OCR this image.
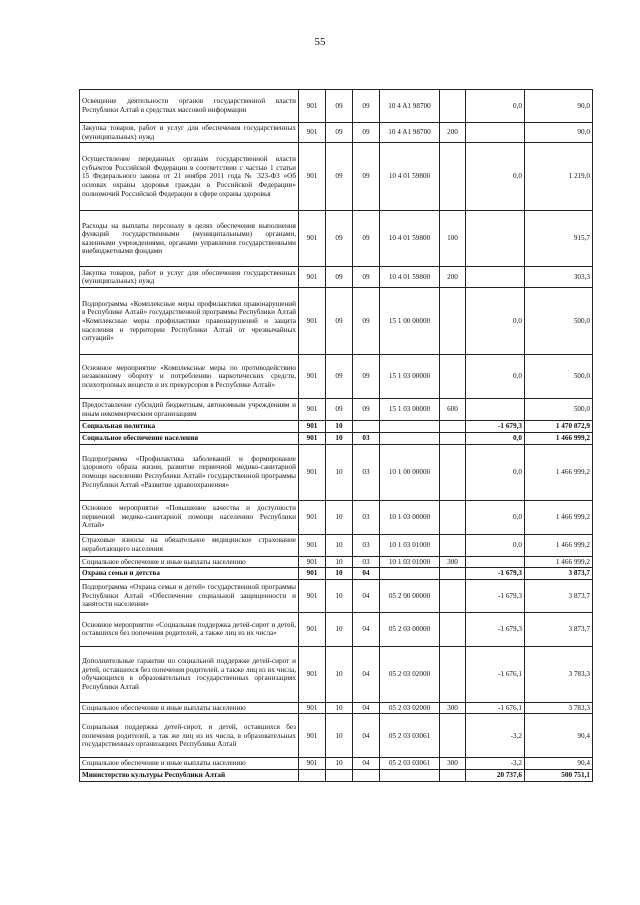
55
Освещение деятельности органов государственной власти Республики Алтай в средствах массовой информации	901	09	09	10 4 A1 98700		0,0	90,0
Закупка товаров, работ и услуг для обеспечения государственных (муниципальных) нужд	901	09	09	10 4 A1 98700	200		90,0
Осуществление переданных органам государственной власти субъектов Российской Федерации в соответствии с частью 1 статьи 15 Федерального закона от 21 ноября 2011 года № 323-ФЗ «Об основах охраны здоровья граждан в Российской Федерации» полномочий Российской Федерации в сфере охраны здоровья	901	09	09	10 4 01 59800		0,0	1 219,0
Расходы на выплаты персоналу в целях обеспечения выполнения функций государственными (муниципальными) органами, казенными учреждениями, органами управления государственными внебюджетными фондами	901	09	09	10 4 01 59800	100		915,7
Закупка товаров, работ и услуг для обеспечения государственных (муниципальных) нужд	901	09	09	10 4 01 59800	200		303,3
Подпрограмма «Комплексные меры профилактики правонарушений в Республике Алтай» государственной программы Республики Алтай «Комплексные меры профилактики правонарушений и защита населения и территории Республики Алтай от чрезвычайных ситуаций»	901	09	09	15 1 00 00000		0,0	500,0
Основное мероприятие «Комплексные меры по противодействию незаконному обороту и потреблению наркотических средств, психотропных веществ и их прекурсоров в Республике Алтай»	901	09	09	15 1 03 00000		0,0	500,0
Предоставление субсидий бюджетным, автономным учреждениям и иным некоммерческим организациям	901	09	09	15 1 03 00000	600		500,0
Социальная политика	901	10				-1 679,3	1 470 872,9
Социальное обеспечение населения	901	10	03			0,0	1 466 999,2
Подпрограмма «Профилактика заболеваний и формирование здорового образа жизни, развитие первичной медико-санитарной помощи населению Республики Алтай» государственной программы Республики Алтай «Развитие здравоохранения»	901	10	03	10 1 00 00000		0,0	1 466 999,2
Основное мероприятие «Повышение качества и доступности первичной медико-санитарной помощи населению Республики Алтай»	901	10	03	10 1 03 00000		0,0	1 466 999,2
Страховые взносы на обязательное медицинское страхование неработающего населения	901	10	03	10 1 03 01000		0,0	1 466 999,2
Социальное обеспечение и иные выплаты населению	901	10	03	10 1 03 01000	300		1 466 999,2
Охрана семьи и детства	901	10	04			-1 679,3	3 873,7
Подпрограмма «Охрана семьи и детей» государственной программы Республики Алтай «Обеспечение социальной защищенности и занятости населения»	901	10	04	05 2 00 00000		-1 679,3	3 873,7
Основное мероприятие «Социальная поддержка детей-сирот и детей, оставшихся без попечения родителей, а также лиц из их числа»	901	10	04	05 2 03 00000		-1 679,3	3 873,7
Дополнительные гарантии по социальной поддержке детей-сирот и детей, оставшихся без попечения родителей, а также лиц из их числа, обучающихся в образовательных государственных организациях Республики Алтай	901	10	04	05 2 03 02000		-1 676,1	3 783,3
Социальное обеспечение и иные выплаты населению	901	10	04	05 2 03 02000	300	-1 676,1	3 783,3
Социальная поддержка детей-сирот, и детей, оставшихся без попечения родителей, а так же лиц из их числа, в образовательных государственных организациях Республики Алтай	901	10	04	05 2 03 03061		-3,2	90,4
Социальное обеспечение и иные выплаты населению	901	10	04	05 2 03 03061	300	-3,2	90,4
Министерство культуры Республики Алтай						20 737,6	500 751,1
